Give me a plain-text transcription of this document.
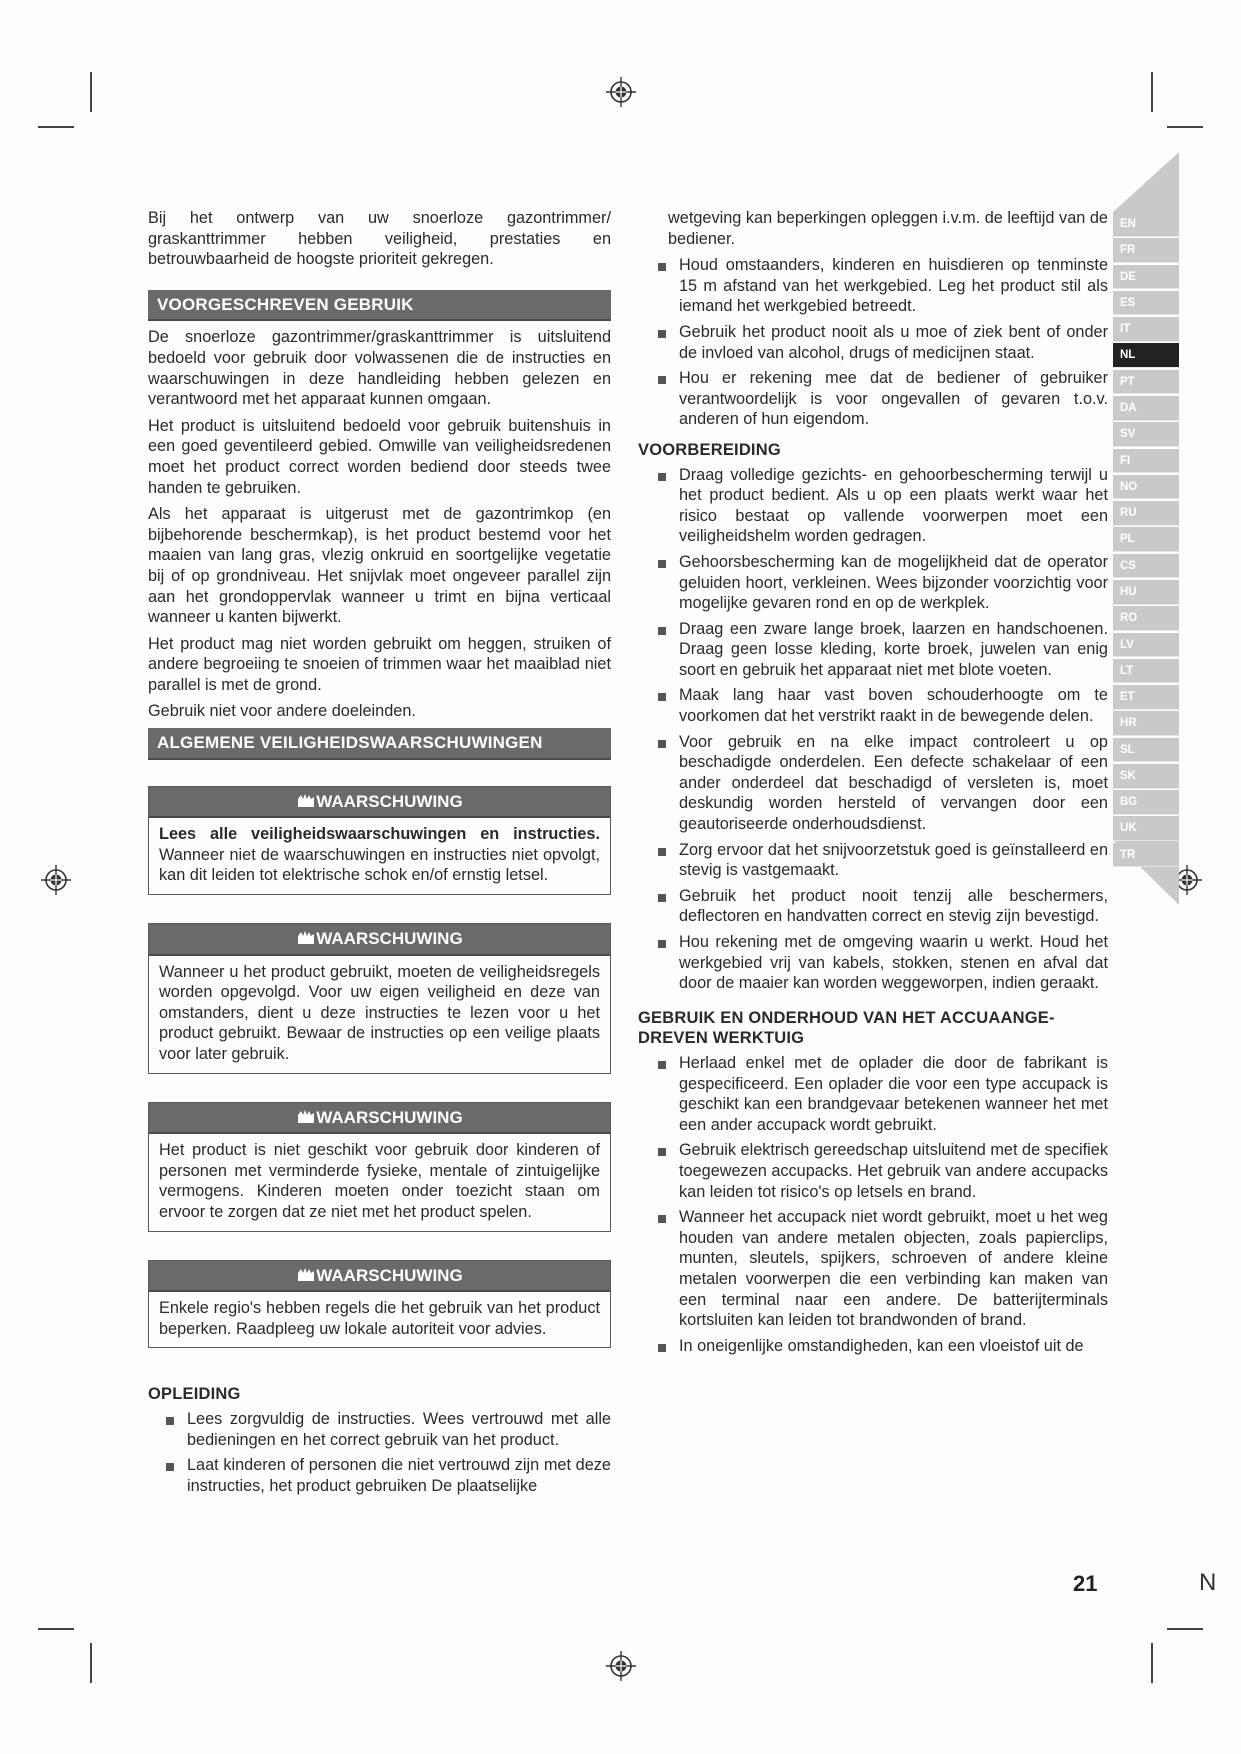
EN
FR
DE
ES
IT
NL
PT
DA
SV
FI
NO
RU
PL
CS
HU
RO
LV
LT
ET
HR
SL
SK
BG
UK
TR

Bij het ontwerp van uw snoerloze gazontrimmer/ graskanttrimmer hebben veiligheid, prestaties en betrouwbaarheid de hoogste prioriteit gekregen.

VOORGESCHREVEN GEBRUIK

De snoerloze gazontrimmer/graskanttrimmer is uitsluitend bedoeld voor gebruik door volwassenen die de instructies en waarschuwingen in deze handleiding hebben gelezen en verantwoord met het apparaat kunnen omgaan.

Het product is uitsluitend bedoeld voor gebruik buitenshuis in een goed geventileerd gebied. Omwille van veiligheidsredenen moet het product correct worden bediend door steeds twee handen te gebruiken.

Als het apparaat is uitgerust met de gazontrimkop (en bijbehorende beschermkap), is het product bestemd voor het maaien van lang gras, vlezig onkruid en soortgelijke vegetatie bij of op grondniveau. Het snijvlak moet ongeveer parallel zijn aan het grondoppervlak wanneer u trimt en bijna verticaal wanneer u kanten bijwerkt.

Het product mag niet worden gebruikt om heggen, struiken of andere begroeiing te snoeien of trimmen waar het maaiblad niet parallel is met de grond.

Gebruik niet voor andere doeleinden.

ALGEMENE VEILIGHEIDSWAARSCHUWINGEN
WAARSCHUWING
Lees alle veiligheidswaarschuwingen en instructies. Wanneer niet de waarschuwingen en instructies niet opvolgt, kan dit leiden tot elektrische schok en/of ernstig letsel.
WAARSCHUWING
Wanneer u het product gebruikt, moeten de veiligheidsregels worden opgevolgd. Voor uw eigen veiligheid en deze van omstanders, dient u deze instructies te lezen voor u het product gebruikt. Bewaar de instructies op een veilige plaats voor later gebruik.
WAARSCHUWING
Het product is niet geschikt voor gebruik door kinderen of personen met verminderde fysieke, mentale of zintuigelijke vermogens. Kinderen moeten onder toezicht staan om ervoor te zorgen dat ze niet met het product spelen.
WAARSCHUWING
Enkele regio's hebben regels die het gebruik van het product beperken. Raadpleeg uw lokale autoriteit voor advies.
OPLEIDING
Lees zorgvuldig de instructies. Wees vertrouwd met alle bedieningen en het correct gebruik van het product.
Laat kinderen of personen die niet vertrouwd zijn met deze instructies, het product gebruiken De plaatselijke

wetgeving kan beperkingen opleggen i.v.m. de leeftijd van de bediener.

Houd omstaanders, kinderen en huisdieren op tenminste 15 m afstand van het werkgebied. Leg het product stil als iemand het werkgebied betreedt.
Gebruik het product nooit als u moe of ziek bent of onder de invloed van alcohol, drugs of medicijnen staat.
Hou er rekening mee dat de bediener of gebruiker verantwoordelijk is voor ongevallen of gevaren t.o.v. anderen of hun eigendom.
VOORBEREIDING
Draag volledige gezichts- en gehoorbescherming terwijl u het product bedient. Als u op een plaats werkt waar het risico bestaat op vallende voorwerpen moet een veiligheidshelm worden gedragen.
Gehoorsbescherming kan de mogelijkheid dat de operator geluiden hoort, verkleinen. Wees bijzonder voorzichtig voor mogelijke gevaren rond en op de werkplek.
Draag een zware lange broek, laarzen en handschoenen. Draag geen losse kleding, korte broek, juwelen van enig soort en gebruik het apparaat niet met blote voeten.
Maak lang haar vast boven schouderhoogte om te voorkomen dat het verstrikt raakt in de bewegende delen.
Voor gebruik en na elke impact controleert u op beschadigde onderdelen. Een defecte schakelaar of een ander onderdeel dat beschadigd of versleten is, moet deskundig worden hersteld of vervangen door een geautoriseerde onderhoudsdienst.
Zorg ervoor dat het snijvoorzetstuk goed is geïnstalleerd en stevig is vastgemaakt.
Gebruik het product nooit tenzij alle beschermers, deflectoren en handvatten correct en stevig zijn bevestigd.
Hou rekening met de omgeving waarin u werkt. Houd het werkgebied vrij van kabels, stokken, stenen en afval dat door de maaier kan worden weggeworpen, indien geraakt.
GEBRUIK EN ONDERHOUD VAN HET ACCUAANGE-DREVEN WERKTUIG
Herlaad enkel met de oplader die door de fabrikant is gespecificeerd. Een oplader die voor een type accupack is geschikt kan een brandgevaar betekenen wanneer het met een ander accupack wordt gebruikt.
Gebruik elektrisch gereedschap uitsluitend met de specifiek toegewezen accupacks. Het gebruik van andere accupacks kan leiden tot risico's op letsels en brand.
Wanneer het accupack niet wordt gebruikt, moet u het weg houden van andere metalen objecten, zoals papierclips, munten, sleutels, spijkers, schroeven of andere kleine metalen voorwerpen die een verbinding kan maken van een terminal naar een andere. De batterijterminals kortsluiten kan leiden tot brandwonden of brand.
In oneigenlijke omstandigheden, kan een vloeistof uit de
21	N
